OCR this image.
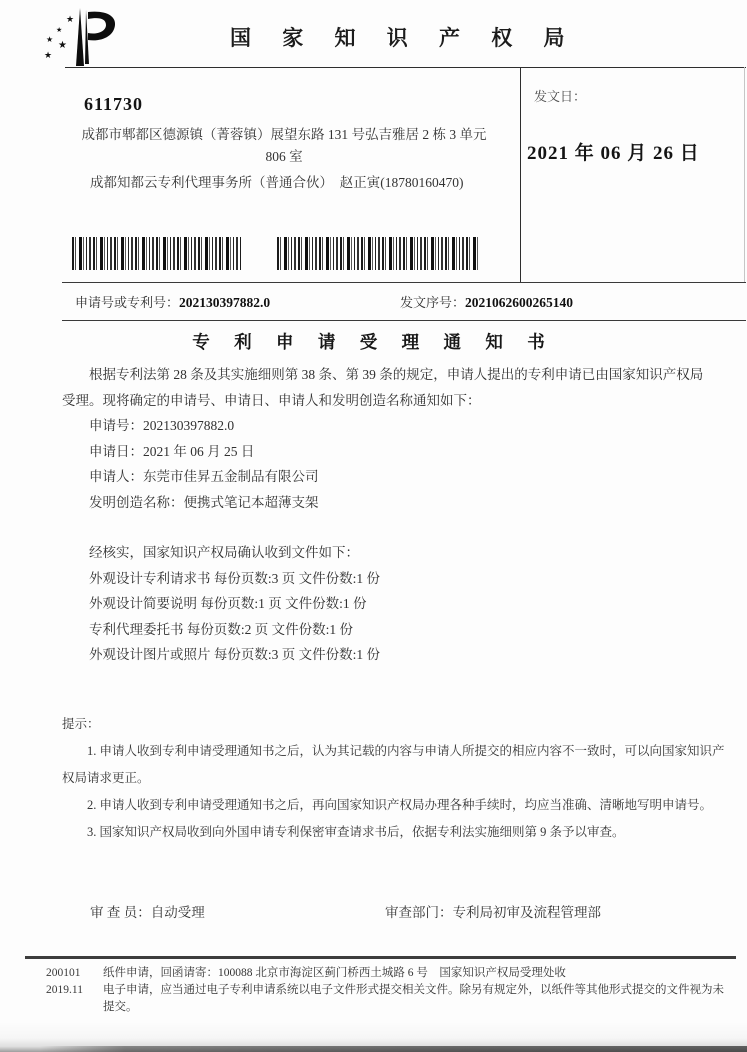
★
★
★
★
★
国 家 知 识 产 权 局
发文日：
2021 年 06 月 26 日
611730
成都市郫都区德源镇（菁蓉镇）展望东路 131 号弘吉雅居 2 栋 3 单元
806 室
成都知都云专利代理事务所（普通合伙）　赵正寅(18780160470)
申请号或专利号：202130397882.0	发文序号：2021062600265140
专 利 申 请 受 理 通 知 书

根据专利法第 28 条及其实施细则第 38 条、第 39 条的规定，申请人提出的专利申请已由国家知识产权局受理。现将确定的申请号、申请日、申请人和发明创造名称通知如下：

申请号：202130397882.0
申请日：2021 年 06 月 25 日
申请人：东莞市佳昇五金制品有限公司
发明创造名称：便携式笔记本超薄支架
经核实，国家知识产权局确认收到文件如下：
外观设计专利请求书 每份页数:3 页 文件份数:1 份
外观设计简要说明 每份页数:1 页 文件份数:1 份
专利代理委托书 每份页数:2 页 文件份数:1 份
外观设计图片或照片 每份页数:3 页 文件份数:1 份

提示：

1. 申请人收到专利申请受理通知书之后，认为其记载的内容与申请人所提交的相应内容不一致时，可以向国家知识产权局请求更正。

2. 申请人收到专利申请受理通知书之后，再向国家知识产权局办理各种手续时，均应当准确、清晰地写明申请号。

3. 国家知识产权局收到向外国申请专利保密审查请求书后，依据专利法实施细则第 9 条予以审查。

审 查 员：自动受理	审查部门：专利局初审及流程管理部
200101 纸件申请，回函请寄：100088 北京市海淀区蓟门桥西土城路 6 号　国家知识产权局受理处收
2019.11 电子申请，应当通过电子专利申请系统以电子文件形式提交相关文件。除另有规定外，以纸件等其他形式提交的文件视为未提交。
